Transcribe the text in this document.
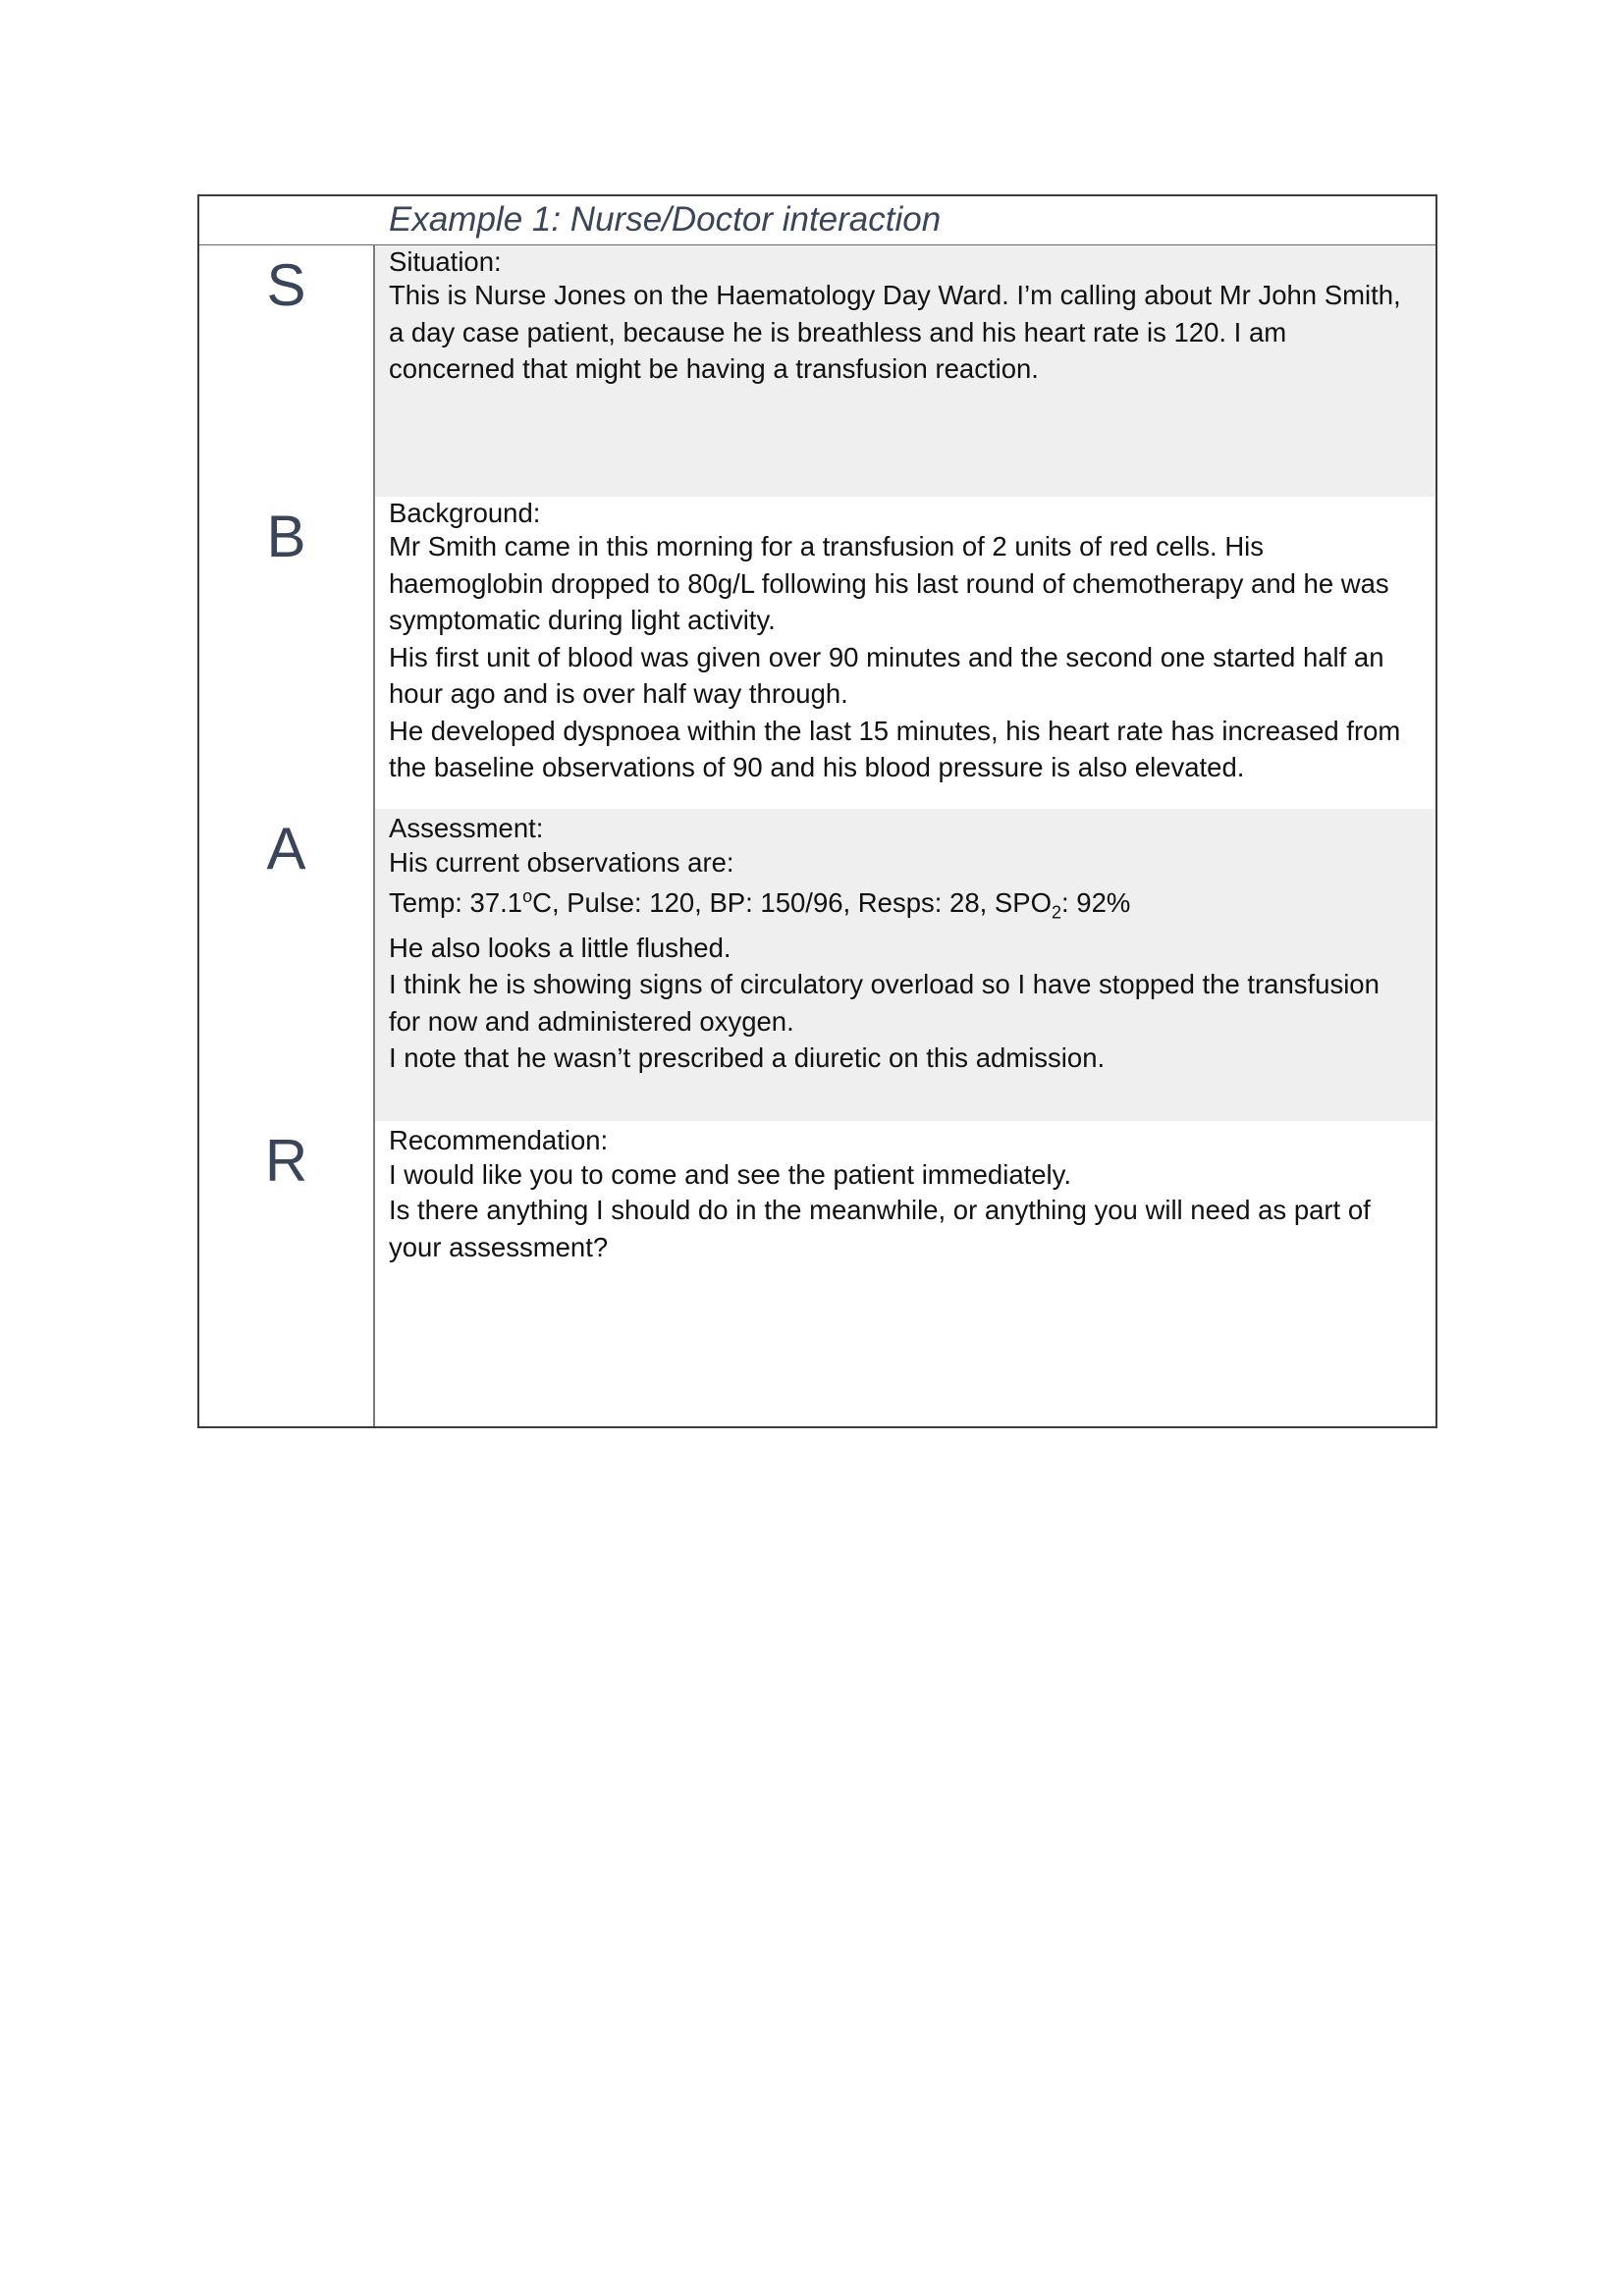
Example 1: Nurse/Doctor interaction
S	Situation:
This is Nurse Jones on the Haematology Day Ward. I’m calling about Mr John Smith, a day case patient, because he is breathless and his heart rate is 120. I am concerned that might be having a transfusion reaction.
B	Background:
Mr Smith came in this morning for a transfusion of 2 units of red cells. His haemoglobin dropped to 80g/L following his last round of chemotherapy and he was symptomatic during light activity.
His first unit of blood was given over 90 minutes and the second one started half an hour ago and is over half way through.
He developed dyspnoea within the last 15 minutes, his heart rate has increased from the baseline observations of 90 and his blood pressure is also elevated.
A	Assessment:
His current observations are:
Temp: 37.1$^o$C, Pulse: 120, BP: 150/96, Resps: 28, $SPO_2$: 92%
He also looks a little flushed.
I think he is showing signs of circulatory overload so I have stopped the transfusion for now and administered oxygen.
I note that he wasn’t prescribed a diuretic on this admission.
R	Recommendation:
I would like you to come and see the patient immediately.
Is there anything I should do in the meanwhile, or anything you will need as part of your assessment?
